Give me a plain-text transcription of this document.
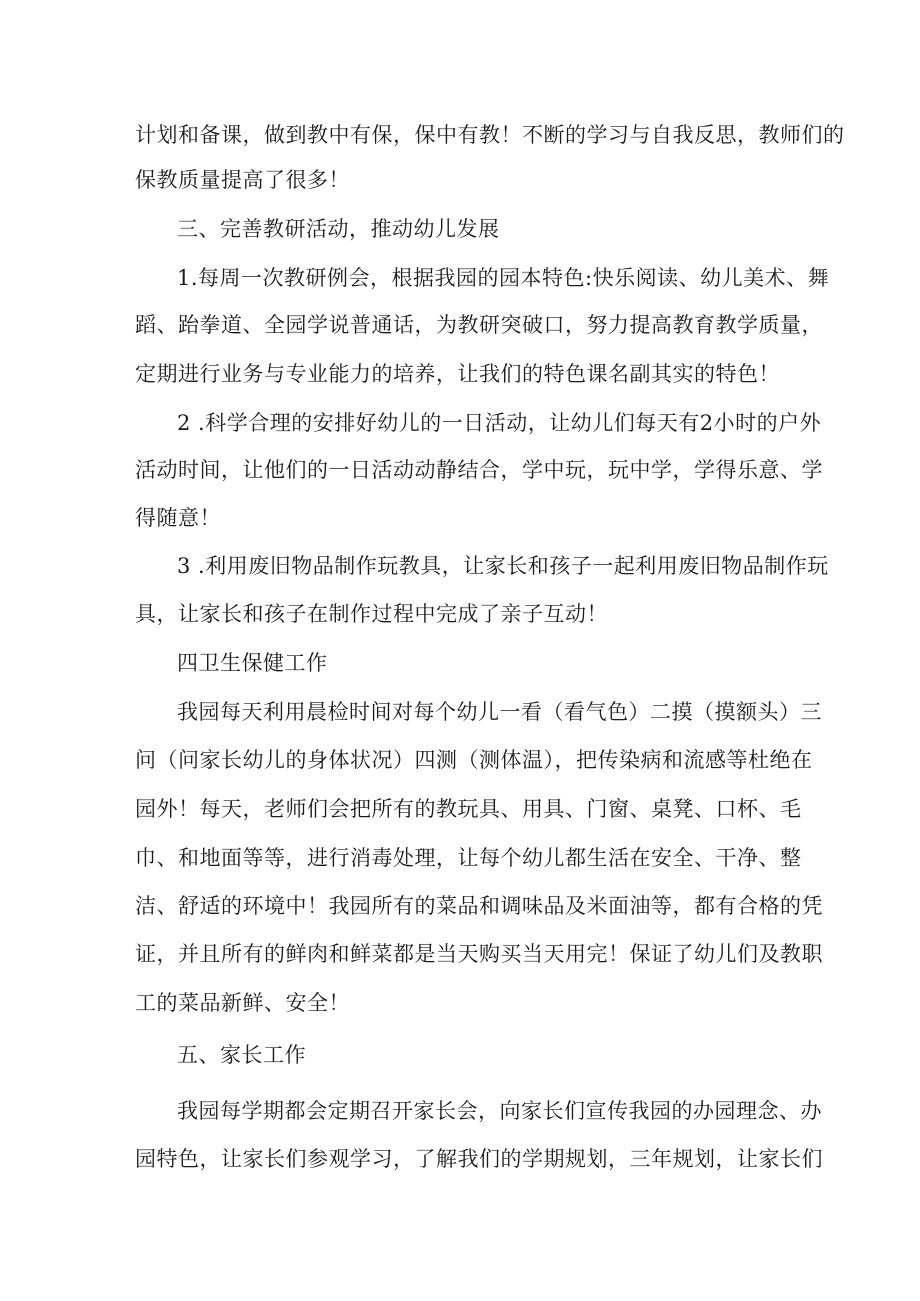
计划和备课，做到教中有保，保中有教！不断的学习与自我反思，教师们的
保教质量提高了很多！
三、完善教研活动，推动幼儿发展
1.每周一次教研例会，根据我园的园本特色:快乐阅读、幼儿美术、舞
蹈、跆拳道、全园学说普通话，为教研突破口，努力提高教育教学质量，
定期进行业务与专业能力的培养，让我们的特色课名副其实的特色！
2 .科学合理的安排好幼儿的一日活动，让幼儿们每天有2小时的户外
活动时间，让他们的一日活动动静结合，学中玩，玩中学，学得乐意、学
得随意！
3 .利用废旧物品制作玩教具，让家长和孩子一起利用废旧物品制作玩
具，让家长和孩子在制作过程中完成了亲子互动！
四卫生保健工作
我园每天利用晨检时间对每个幼儿一看（看气色）二摸（摸额头）三
问（问家长幼儿的身体状况）四测（测体温），把传染病和流感等杜绝在
园外！每天，老师们会把所有的教玩具、用具、门窗、桌凳、口杯、毛
巾、和地面等等，进行消毒处理，让每个幼儿都生活在安全、干净、整
洁、舒适的环境中！我园所有的菜品和调味品及米面油等，都有合格的凭
证，并且所有的鲜肉和鲜菜都是当天购买当天用完！保证了幼儿们及教职
工的菜品新鲜、安全！
五、家长工作
我园每学期都会定期召开家长会，向家长们宣传我园的办园理念、办
园特色，让家长们参观学习，了解我们的学期规划，三年规划，让家长们
